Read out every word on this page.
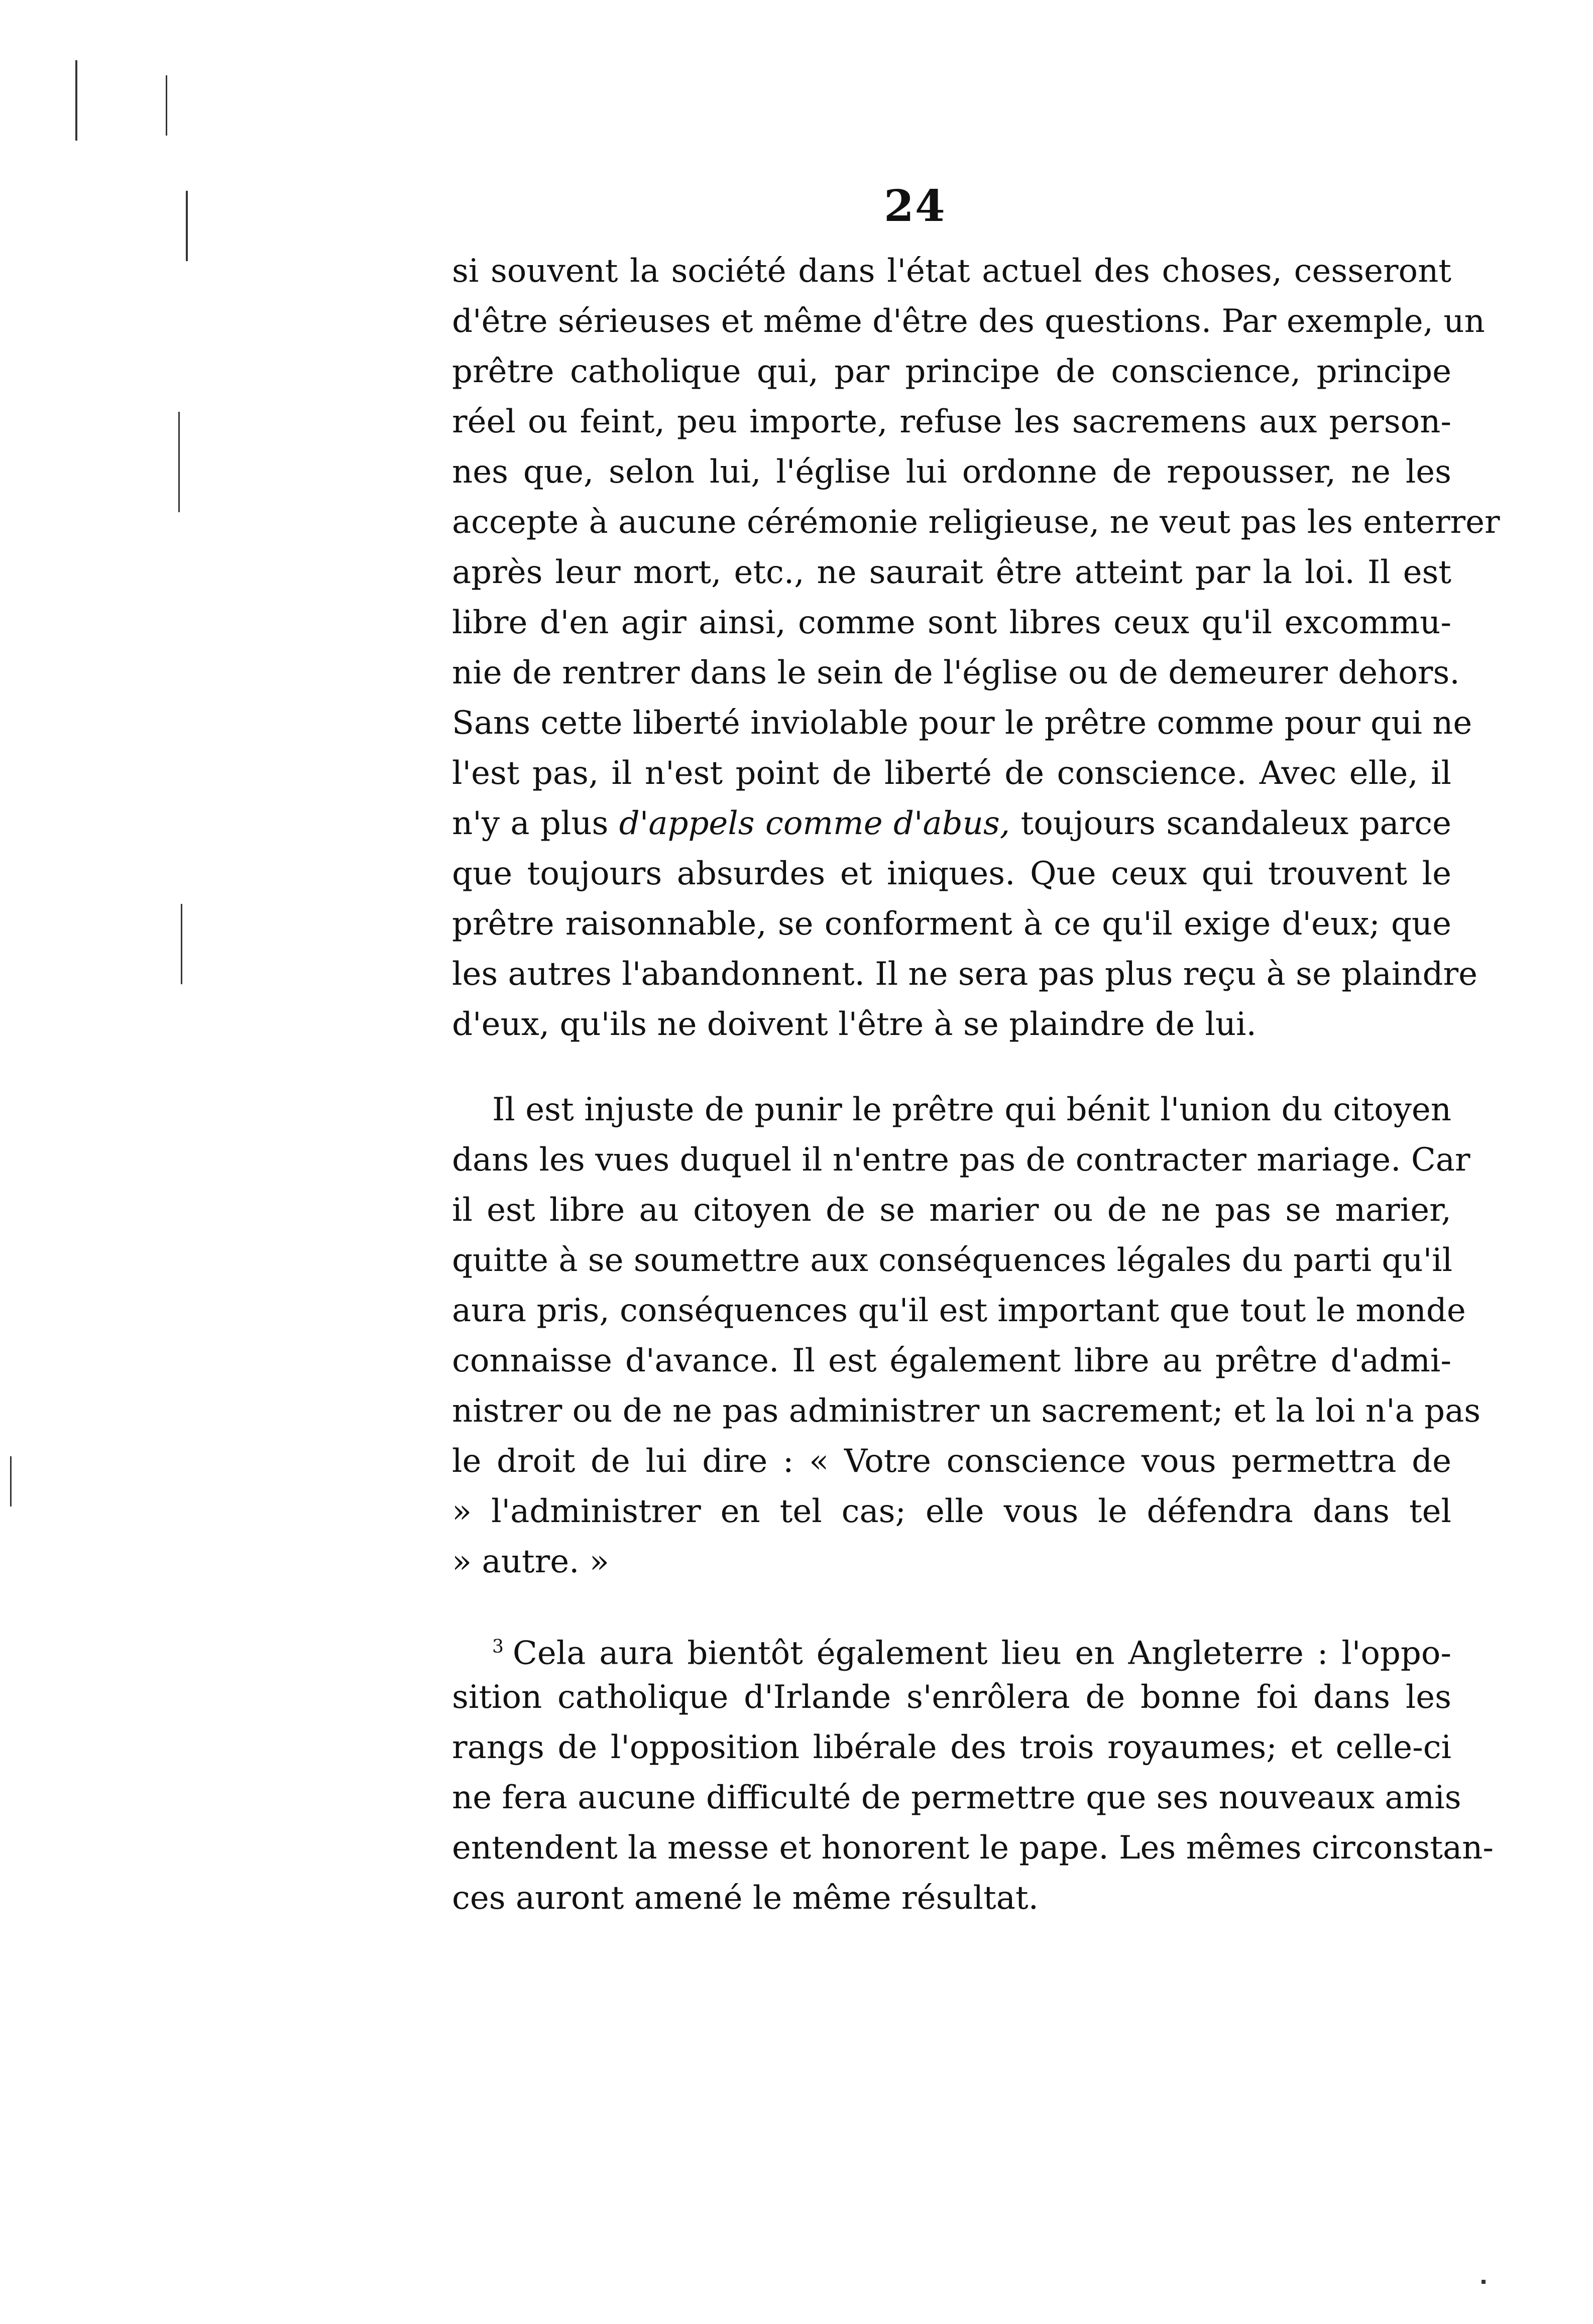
24
si souvent la société dans l'état actuel des choses, cesseront
d'être sérieuses et même d'être des questions. Par exemple, un
prêtre catholique qui, par principe de conscience, principe
réel ou feint, peu importe, refuse les sacremens aux person-
nes que, selon lui, l'église lui ordonne de repousser, ne les
accepte à aucune cérémonie religieuse, ne veut pas les enterrer
après leur mort, etc., ne saurait être atteint par la loi. Il est
libre d'en agir ainsi, comme sont libres ceux qu'il excommu-
nie de rentrer dans le sein de l'église ou de demeurer dehors.
Sans cette liberté inviolable pour le prêtre comme pour qui ne
l'est pas, il n'est point de liberté de conscience. Avec elle, il
n'y a plus d'appels comme d'abus, toujours scandaleux parce
que toujours absurdes et iniques. Que ceux qui trouvent le
prêtre raisonnable, se conforment à ce qu'il exige d'eux; que
les autres l'abandonnent. Il ne sera pas plus reçu à se plaindre
d'eux, qu'ils ne doivent l'être à se plaindre de lui.
Il est injuste de punir le prêtre qui bénit l'union du citoyen
dans les vues duquel il n'entre pas de contracter mariage. Car
il est libre au citoyen de se marier ou de ne pas se marier,
quitte à se soumettre aux conséquences légales du parti qu'il
aura pris, conséquences qu'il est important que tout le monde
connaisse d'avance. Il est également libre au prêtre d'admi-
nistrer ou de ne pas administrer un sacrement; et la loi n'a pas
le droit de lui dire : « Votre conscience vous permettra de
» l'administrer en tel cas; elle vous le défendra dans tel
» autre. »
$^3$ Cela aura bientôt également lieu en Angleterre : l'oppo-
sition catholique d'Irlande s'enrôlera de bonne foi dans les
rangs de l'opposition libérale des trois royaumes; et celle-ci
ne fera aucune difficulté de permettre que ses nouveaux amis
entendent la messe et honorent le pape. Les mêmes circonstan-
ces auront amené le même résultat.
